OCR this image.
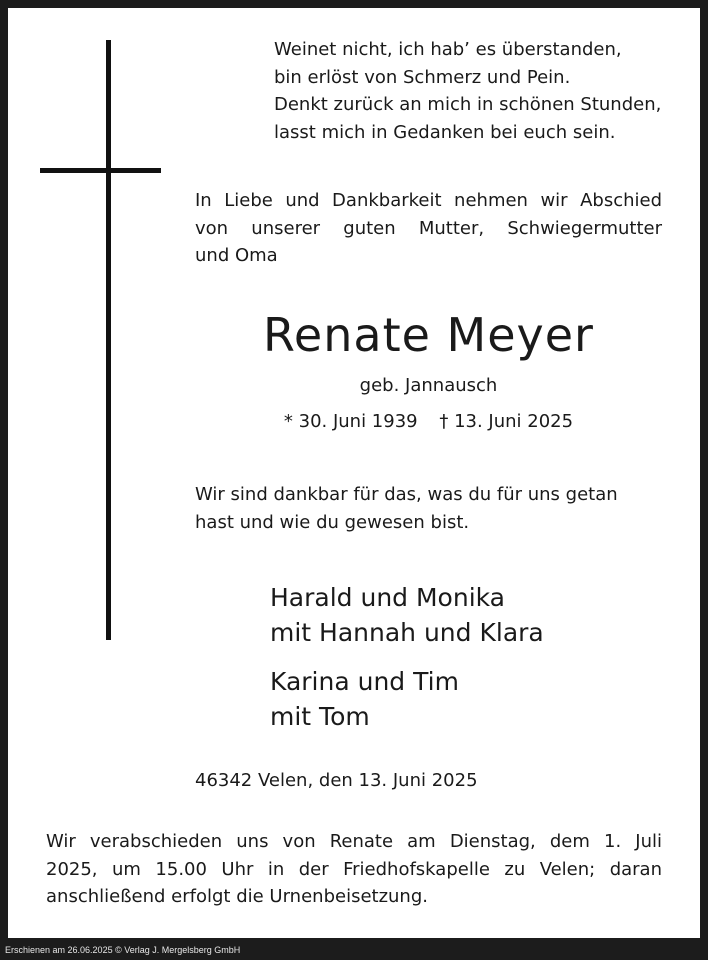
Weinet nicht, ich hab’ es überstanden,
bin erlöst von Schmerz und Pein.
Denkt zurück an mich in schönen Stunden,
lasst mich in Gedanken bei euch sein.
In Liebe und Dankbarkeit nehmen wir Abschied
von unserer guten Mutter, Schwiegermutter
und Oma
Renate Meyer
geb. Jannausch
* 30. Juni 1939 † 13. Juni 2025
Wir sind dankbar für das, was du für uns getan
hast und wie du gewesen bist.
Harald und Monika
mit Hannah und Klara
Karina und Tim
mit Tom
46342 Velen, den 13. Juni 2025
Wir verabschieden uns von Renate am Dienstag, dem 1. Juli
2025, um 15.00 Uhr in der Friedhofskapelle zu Velen; daran
anschließend erfolgt die Urnenbeisetzung.
Erschienen am 26.06.2025 © Verlag J. Mergelsberg GmbH
